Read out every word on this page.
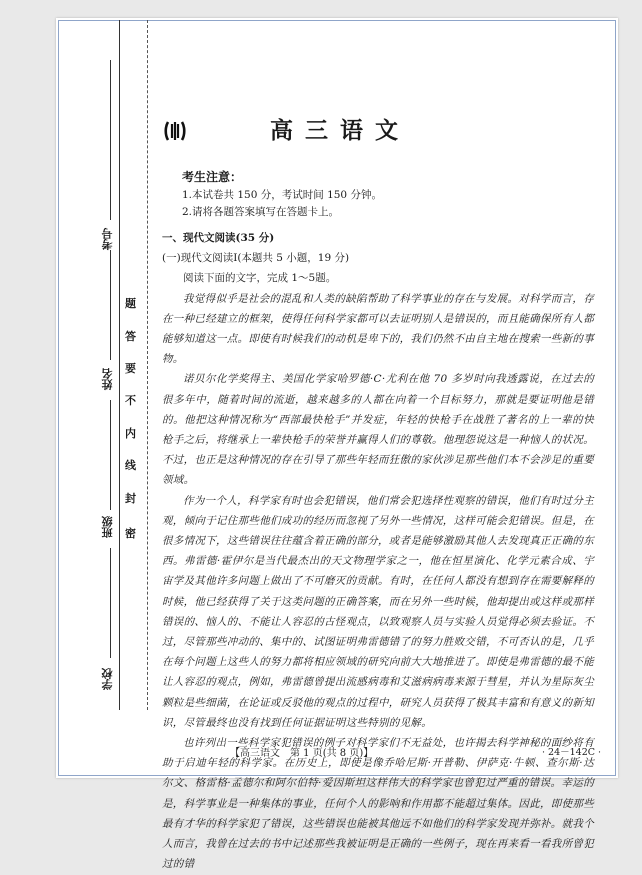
考号
姓名
班级
学校
题
答
要
不
内
线
封
密
高三语文
考生注意：
1.本试卷共 150 分，考试时间 150 分钟。
2.请将各题答案填写在答题卡上。

一、现代文阅读(35 分)

(一)现代文阅读Ⅰ(本题共 5 小题，19 分)

阅读下面的文字，完成 1～5题。

我觉得似乎是社会的混乱和人类的缺陷帮助了科学事业的存在与发展。对科学而言，存在一种已经建立的框架，使得任何科学家都可以去证明别人是错误的，而且能确保所有人都能够知道这一点。即使有时候我们的动机是卑下的，我们仍然不由自主地在搜索一些新的事物。

诺贝尔化学奖得主、美国化学家哈罗德·C·尤利在他 70 多岁时向我透露说，在过去的很多年中，随着时间的流逝，越来越多的人都在向着一个目标努力，那就是要证明他是错的。他把这种情况称为“西部最快枪手”并发症，年轻的快枪手在战胜了著名的上一辈的快枪手之后，将继承上一辈快枪手的荣誉并赢得人们的尊敬。他理怨说这是一种恼人的状况。不过，也正是这种情况的存在引导了那些年轻而狂傲的家伙涉足那些他们本不会涉足的重要领域。

作为一个人，科学家有时也会犯错误，他们常会犯选择性观察的错误，他们有时过分主观，倾向于记住那些他们成功的经历而忽视了另外一些情况，这样可能会犯错误。但是，在很多情况下，这些错误往往蕴含着正确的部分，或者是能够激励其他人去发现真正正确的东西。弗雷德·霍伊尔是当代最杰出的天文物理学家之一，他在恒星演化、化学元素合成、宇宙学及其他许多问题上做出了不可磨灭的贡献。有时，在任何人都没有想到存在需要解释的时候，他已经获得了关于这类问题的正确答案，而在另外一些时候，他却提出或这样或那样错误的、恼人的、不能让人容忍的古怪观点，以致观察人员与实验人员觉得必须去验证。不过，尽管那些冲动的、集中的、试图证明弗雷德错了的努力胜败交错，不可否认的是，几乎在每个问题上这些人的努力都将相应领域的研究向前大大地推进了。即使是弗雷德的最不能让人容忍的观点，例如，弗雷德曾提出流感病毒和艾滋病病毒来源于彗星，并认为星际灰尘颗粒是些细菌，在论证或反驳他的观点的过程中，研究人员获得了极其丰富和有意义的新知识，尽管最终也没有找到任何证据证明这些特别的见解。

也许列出一些科学家犯错误的例子对科学家们不无益处，也许揭去科学神秘的面纱将有助于启迪年轻的科学家。在历史上，即使是像乔哈尼斯·开普勒、伊萨克·牛顿、查尔斯·达尔文、格雷格·孟德尔和阿尔伯特·爱因斯坦这样伟大的科学家也曾犯过严重的错误。幸运的是，科学事业是一种集体的事业，任何个人的影响和作用都不能超过集体。因此，即使那些最有才华的科学家犯了错误，这些错误也能被其他远不如他们的科学家发现并弥补。就我个人而言，我曾在过去的书中记述那些我被证明是正确的一些例子，现在再来看一看我所曾犯过的错

【高三语文　第 1 页(共 8 页)】	· 24－142C ·
